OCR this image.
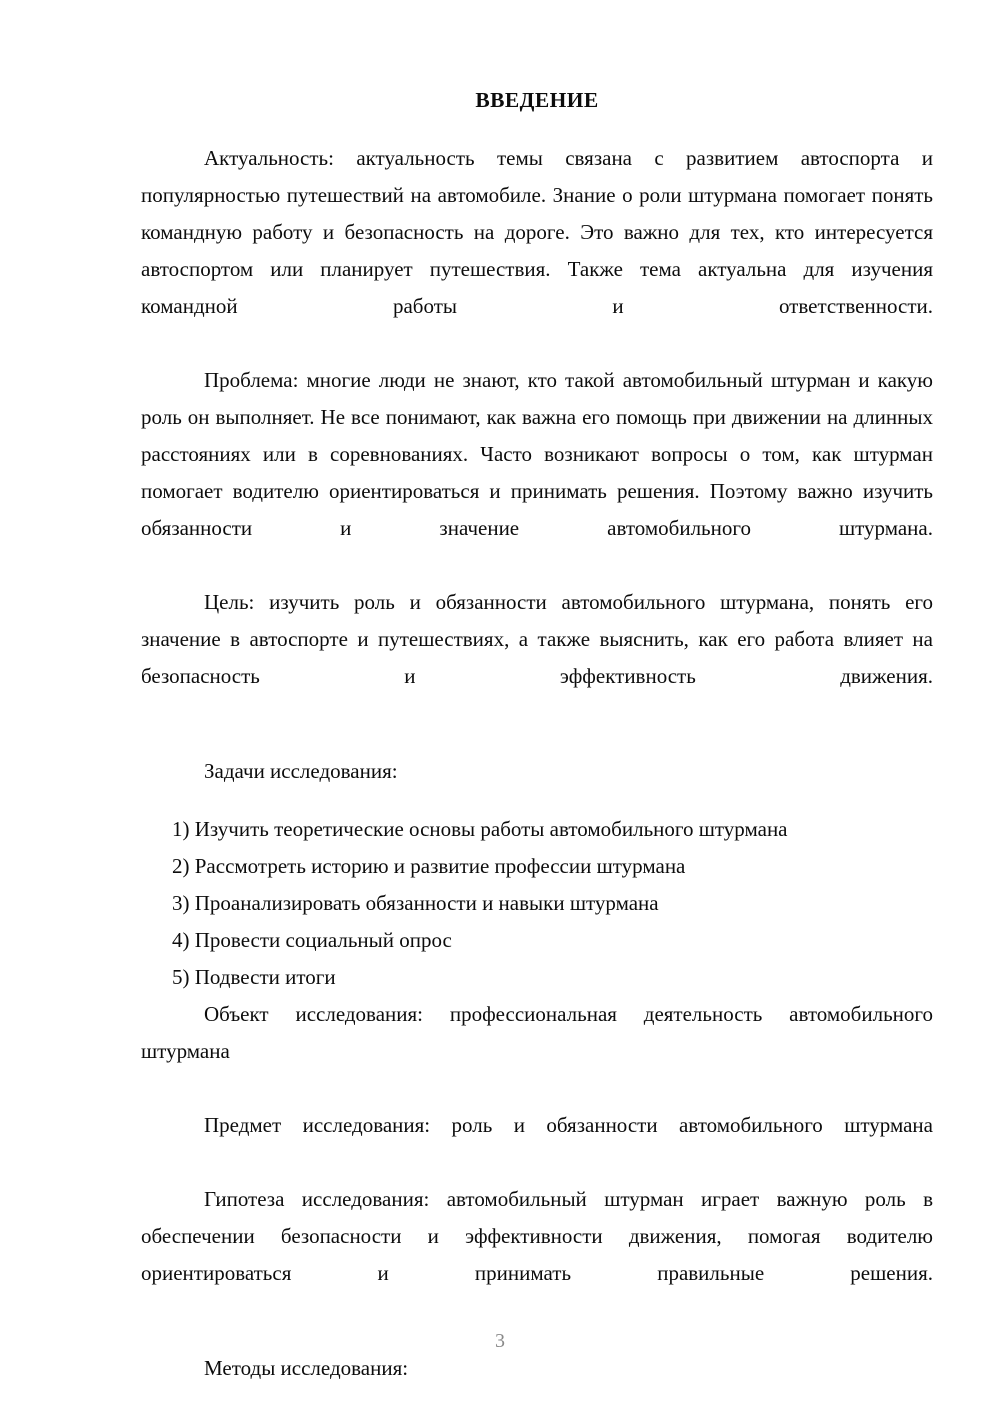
ВВЕДЕНИЕ

Актуальность: актуальность темы связана с развитием автоспорта и популярностью путешествий на автомобиле. Знание о роли штурмана помогает понять командную работу и безопасность на дороге. Это важно для тех, кто интересуется автоспортом или планирует путешествия. Также тема актуальна для изучения командной работы и ответственности.

Проблема: многие люди не знают, кто такой автомобильный штурман и какую роль он выполняет. Не все понимают, как важна его помощь при движении на длинных расстояниях или в соревнованиях. Часто возникают вопросы о том, как штурман помогает водителю ориентироваться и принимать решения. Поэтому важно изучить обязанности и значение автомобильного штурмана.

Цель: изучить роль и обязанности автомобильного штурмана, понять его значение в автоспорте и путешествиях, а также выяснить, как его работа влияет на безопасность и эффективность движения.

Задачи исследования:

1) Изучить теоретические основы работы автомобильного штурмана
2) Рассмотреть историю и развитие профессии штурмана
3) Проанализировать обязанности и навыки штурмана
4) Провести социальный опрос
5) Подвести итоги

Объект исследования: профессиональная деятельность автомобильного штурмана

Предмет исследования: роль и обязанности автомобильного штурмана

Гипотеза исследования: автомобильный штурман играет важную роль в обеспечении безопасности и эффективности движения, помогая водителю ориентироваться и принимать правильные решения.

Методы исследования:

3
